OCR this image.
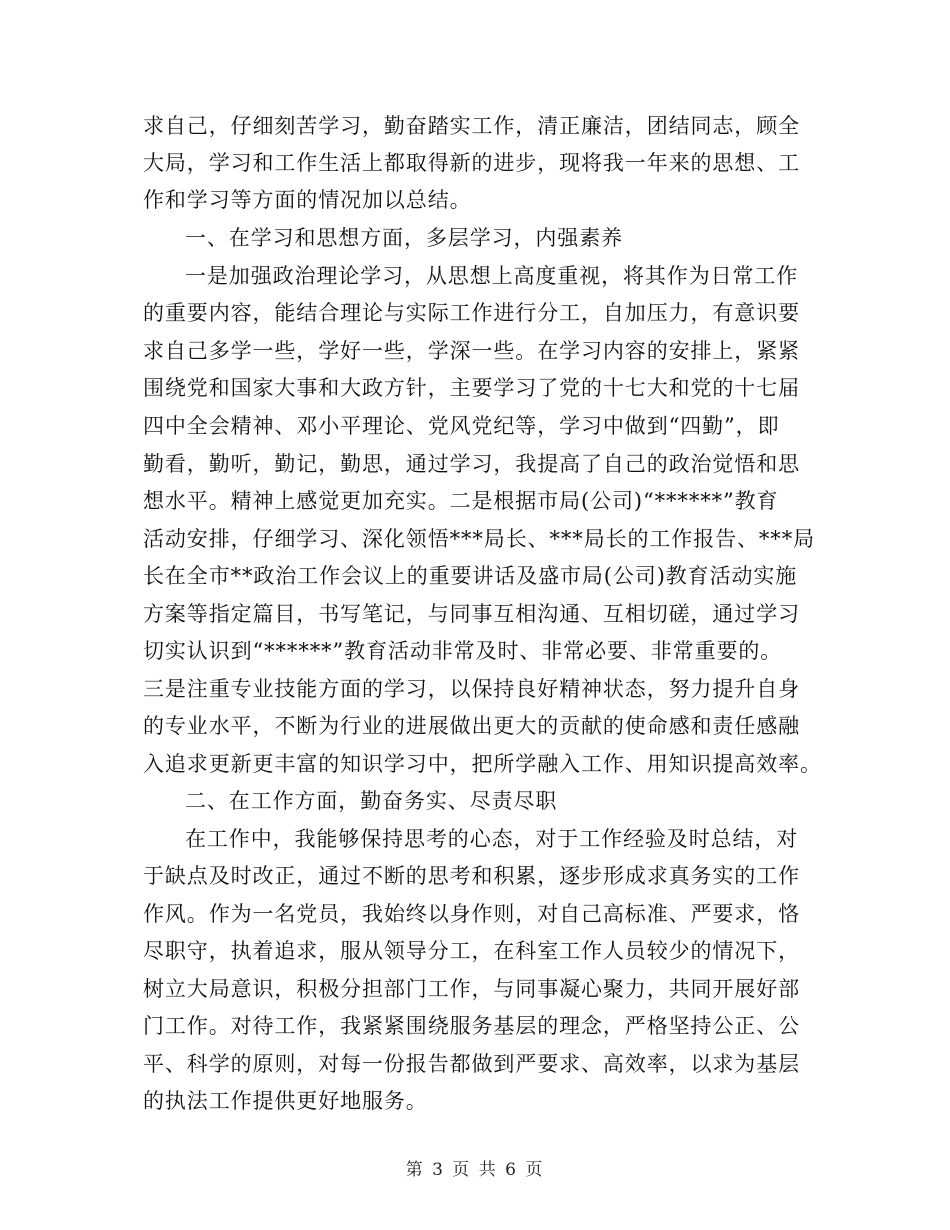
求自己，仔细刻苦学习，勤奋踏实工作，清正廉洁，团结同志，顾全
大局，学习和工作生活上都取得新的进步，现将我一年来的思想、工
作和学习等方面的情况加以总结。
一、在学习和思想方面，多层学习，内强素养
一是加强政治理论学习，从思想上高度重视，将其作为日常工作
的重要内容，能结合理论与实际工作进行分工，自加压力，有意识要
求自己多学一些，学好一些，学深一些。在学习内容的安排上，紧紧
围绕党和国家大事和大政方针，主要学习了党的十七大和党的十七届
四中全会精神、邓小平理论、党风党纪等，学习中做到“四勤”，即
勤看，勤听，勤记，勤思，通过学习，我提高了自己的政治觉悟和思
想水平。精神上感觉更加充实。二是根据市局(公司)“******”教育
活动安排，仔细学习、深化领悟***局长、***局长的工作报告、***局
长在全市**政治工作会议上的重要讲话及盛市局(公司)教育活动实施
方案等指定篇目，书写笔记，与同事互相沟通、互相切磋，通过学习
切实认识到“******”教育活动非常及时、非常必要、非常重要的。
三是注重专业技能方面的学习，以保持良好精神状态，努力提升自身
的专业水平，不断为行业的进展做出更大的贡献的使命感和责任感融
入追求更新更丰富的知识学习中，把所学融入工作、用知识提高效率。
二、在工作方面，勤奋务实、尽责尽职
在工作中，我能够保持思考的心态，对于工作经验及时总结，对
于缺点及时改正，通过不断的思考和积累，逐步形成求真务实的工作
作风。作为一名党员，我始终以身作则，对自己高标准、严要求，恪
尽职守，执着追求，服从领导分工，在科室工作人员较少的情况下，
树立大局意识，积极分担部门工作，与同事凝心聚力，共同开展好部
门工作。对待工作，我紧紧围绕服务基层的理念，严格坚持公正、公
平、科学的原则，对每一份报告都做到严要求、高效率，以求为基层
的执法工作提供更好地服务。
第 3 页 共 6 页
